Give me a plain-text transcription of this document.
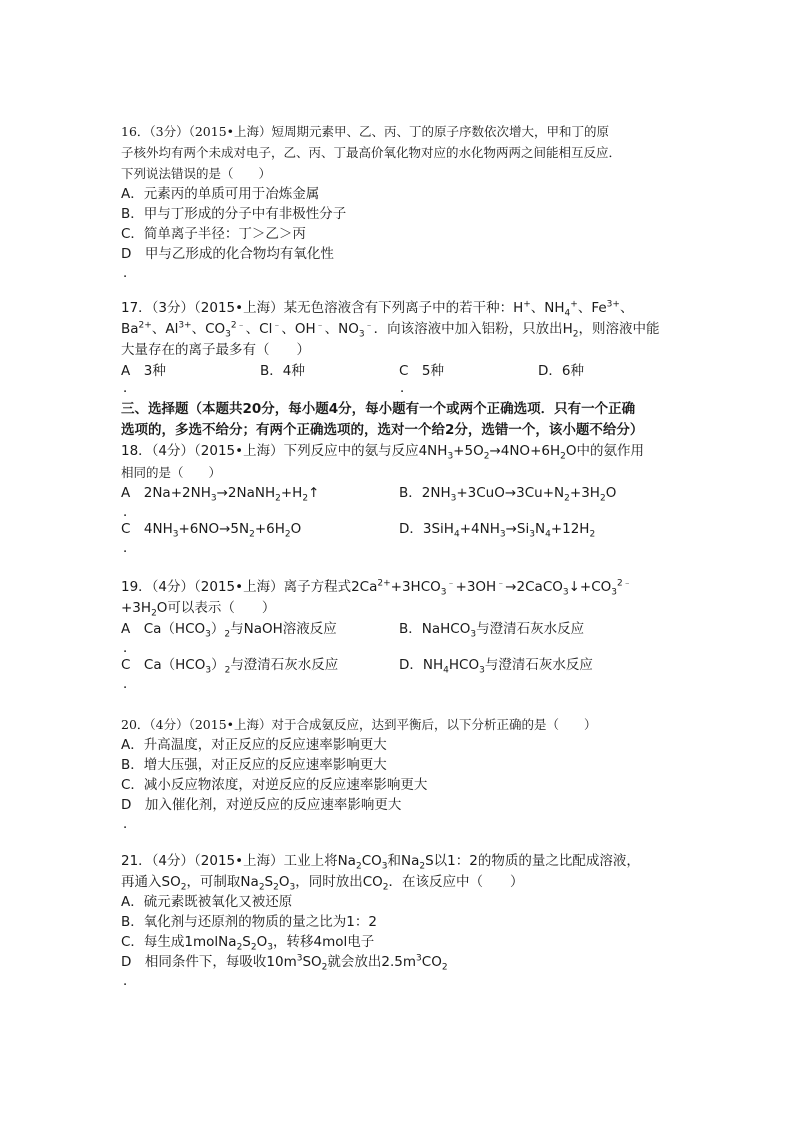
16．（3分）（2015•上海）短周期元素甲、乙、丙、丁的原子序数依次增大，甲和丁的原
子核外均有两个未成对电子，乙、丙、丁最高价氧化物对应的水化物两两之间能相互反应．
下列说法错误的是（　　）
A．元素丙的单质可用于冶炼金属
B．甲与丁形成的分子中有非极性分子
C．简单离子半径：丁＞乙＞丙
D　甲与乙形成的化合物均有氧化性
．
17．（3分）（2015•上海）某无色溶液含有下列离子中的若干种：H+、$NH_4^+$、$Fe^{3+}$、
$Ba^{2+}$、$Al^{3+}$、$CO_3^{2﹣}$、Cl﹣、OH﹣、$NO_3^﹣$．向该溶液中加入铝粉，只放出$H_2$，则溶液中能
大量存在的离子最多有（　　）
A　3种	B．4种	C　5种	D．6种
．	．
三、选择题（本题共20分，每小题4分，每小题有一个或两个正确选项．只有一个正确
选项的，多选不给分；有两个正确选项的，选对一个给2分，选错一个，该小题不给分）
18．（4分）（2015•上海）下列反应中的氨与反应$4NH_3+5O_2\to 4NO+6H_2O$中的氨作用
相同的是（　　）
A　$2Na+2NH_3\to 2NaNH_2+H_2↑$	B．$2NH_3+3CuO\to 3Cu+N_2+3H_2O$
．
C　$4NH_3+6NO\to 5N_2+6H_2O$	D．$3SiH_4+4NH_3\to Si_3N_4+12H_2$
．
19．（4分）（2015•上海）离子方程式$2Ca^{2+}+3HCO_3^﹣+3OH^﹣\to 2CaCO_3↓+CO_3^{2﹣}$
$+3H_2O$可以表示（　　）
A　$Ca(HCO_3)_2$与NaOH溶液反应	B．NaHCO$_3$与澄清石灰水反应
．
C　$Ca(HCO_3)_2$与澄清石灰水反应	D．$NH_4HCO_3$与澄清石灰水反应
．
20．（4分）（2015•上海）对于合成氨反应，达到平衡后，以下分析正确的是（　　）
A．升高温度，对正反应的反应速率影响更大
B．增大压强，对正反应的反应速率影响更大
C．减小反应物浓度，对逆反应的反应速率影响更大
D　加入催化剂，对逆反应的反应速率影响更大
．
21．（4分）（2015•上海）工业上将$Na_2CO_3$和$Na_2S$以1：2的物质的量之比配成溶液，
再通入$SO_2$，可制取$Na_2S_2O_3$，同时放出$CO_2$．在该反应中（　　）
A．硫元素既被氧化又被还原
B．氧化剂与还原剂的物质的量之比为1：2
C．每生成$1molNa_2S_2O_3$，转移4mol电子
D　相同条件下，每吸收$10m^3SO_2$就会放出$2.5m^3CO_2$
．
